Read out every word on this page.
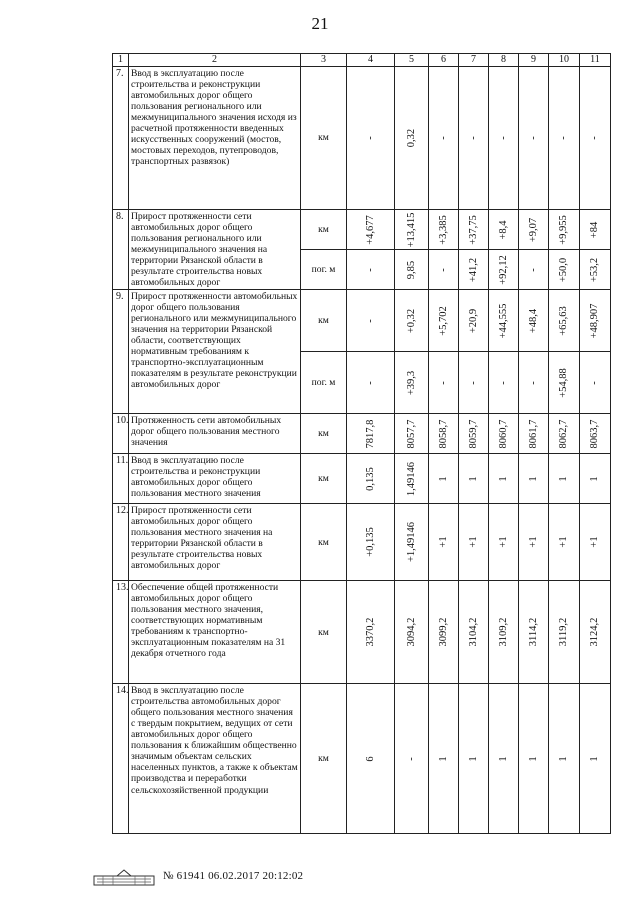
21
1	2	3	4	5	6	7	8	9	10	11
7.	Ввод в эксплуатацию после строительства и реконструкции автомобильных дорог общего пользования регионального или межмуниципального значения исходя из расчетной протяженности введенных искусственных сооружений (мостов, мостовых переходов, путепроводов, транспортных развязок)	км	-	0,32	-	-	-	-	-	-

8.	Прирост протяженности сети автомобильных дорог общего пользования регионального или межмуниципального значения на территории Рязанской области в результате строительства новых автомобильных дорог	км	+4,677	+13,415	+3,385	+37,75	+8,4	+9,07	+9,955	+84

		пог. м	-	9,85	-	+41,2	+92,12	-	+50,0	+53,2

9.	Прирост протяженности автомобильных дорог общего пользования регионального или межмуниципального значения на территории Рязанской области, соответствующих нормативным требованиям к транспортно-эксплуатационным показателям в результате реконструкции автомобильных дорог	км	-	+0,32	+5,702	+20,9	+44,555	+48,4	+65,63	+48,907

		пог. м	-	+39,3	-	-	-	-	+54,88	-

10.	Протяженность сети автомобильных дорог общего пользования местного значения	км	7817,8	8057,7	8058,7	8059,7	8060,7	8061,7	8062,7	8063,7

11.	Ввод в эксплуатацию после строительства и реконструкции автомобильных дорог общего пользования местного значения	км	0,135	1,49146	1	1	1	1	1	1

12.	Прирост протяженности сети автомобильных дорог общего пользования местного значения на территории Рязанской области в результате строительства новых автомобильных дорог	км	+0,135	+1,49146	+1	+1	+1	+1	+1	+1

13.	Обеспечение общей протяженности автомобильных дорог общего пользования местного значения, соответствующих нормативным требованиям к транспортно-эксплуатационным показателям на 31 декабря отчетного года	км	3370,2	3094,2	3099,2	3104,2	3109,2	3114,2	3119,2	3124,2

14.	Ввод в эксплуатацию после строительства автомобильных дорог общего пользования местного значения с твердым покрытием, ведущих от сети автомобильных дорог общего пользования к ближайшим общественно значимым объектам сельских населенных пунктов, а также к объектам производства и переработки сельскохозяйственной продукции	км	6	-	1	1	1	1	1	1
№ 61941 06.02.2017 20:12:02
